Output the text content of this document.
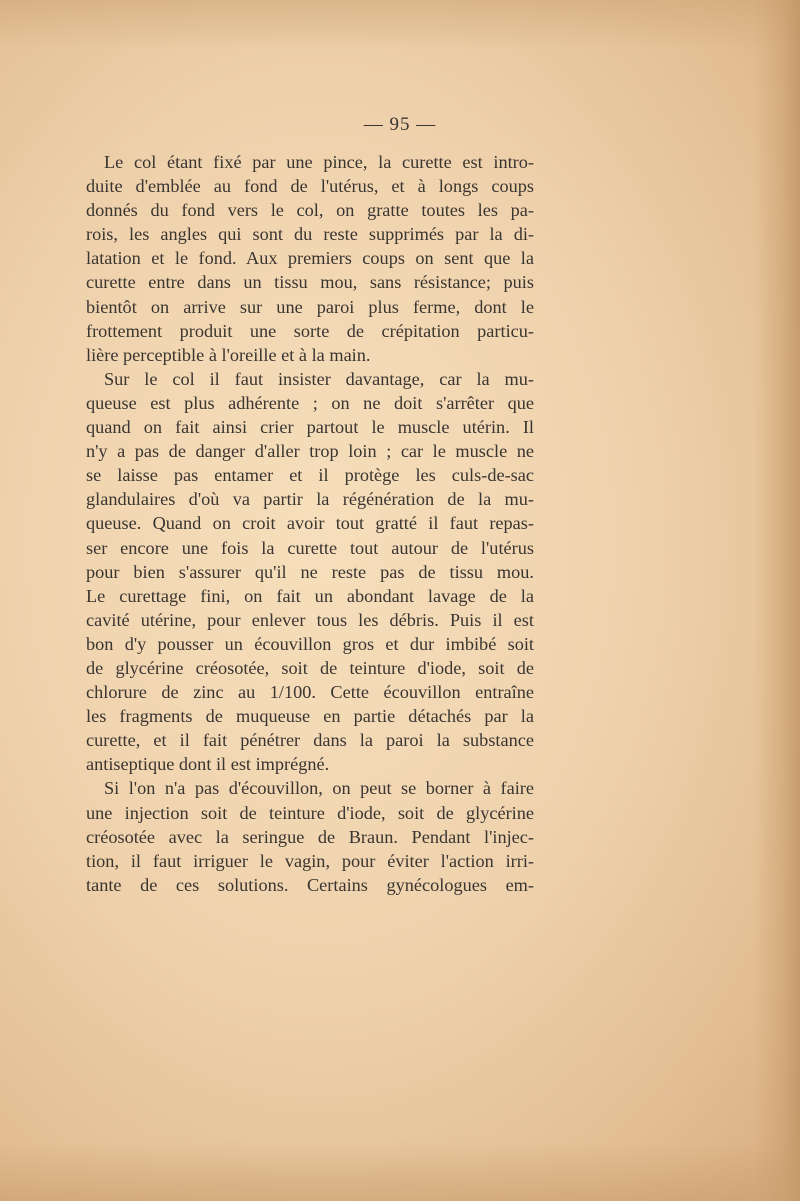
— 95 —
Le col étant fixé par une pince, la curette est intro-
duite d'emblée au fond de l'utérus, et à longs coups
donnés du fond vers le col, on gratte toutes les pa-
rois, les angles qui sont du reste supprimés par la di-
latation et le fond. Aux premiers coups on sent que la
curette entre dans un tissu mou, sans résistance; puis
bientôt on arrive sur une paroi plus ferme, dont le
frottement produit une sorte de crépitation particu-
lière perceptible à l'oreille et à la main.
Sur le col il faut insister davantage, car la mu-
queuse est plus adhérente ; on ne doit s'arrêter que
quand on fait ainsi crier partout le muscle utérin. Il
n'y a pas de danger d'aller trop loin ; car le muscle ne
se laisse pas entamer et il protège les culs-de-sac
glandulaires d'où va partir la régénération de la mu-
queuse. Quand on croit avoir tout gratté il faut repas-
ser encore une fois la curette tout autour de l'utérus
pour bien s'assurer qu'il ne reste pas de tissu mou.
Le curettage fini, on fait un abondant lavage de la
cavité utérine, pour enlever tous les débris. Puis il est
bon d'y pousser un écouvillon gros et dur imbibé soit
de glycérine créosotée, soit de teinture d'iode, soit de
chlorure de zinc au 1/100. Cette écouvillon entraîne
les fragments de muqueuse en partie détachés par la
curette, et il fait pénétrer dans la paroi la substance
antiseptique dont il est imprégné.
Si l'on n'a pas d'écouvillon, on peut se borner à faire
une injection soit de teinture d'iode, soit de glycérine
créosotée avec la seringue de Braun. Pendant l'injec-
tion, il faut irriguer le vagin, pour éviter l'action irri-
tante de ces solutions. Certains gynécologues em-
